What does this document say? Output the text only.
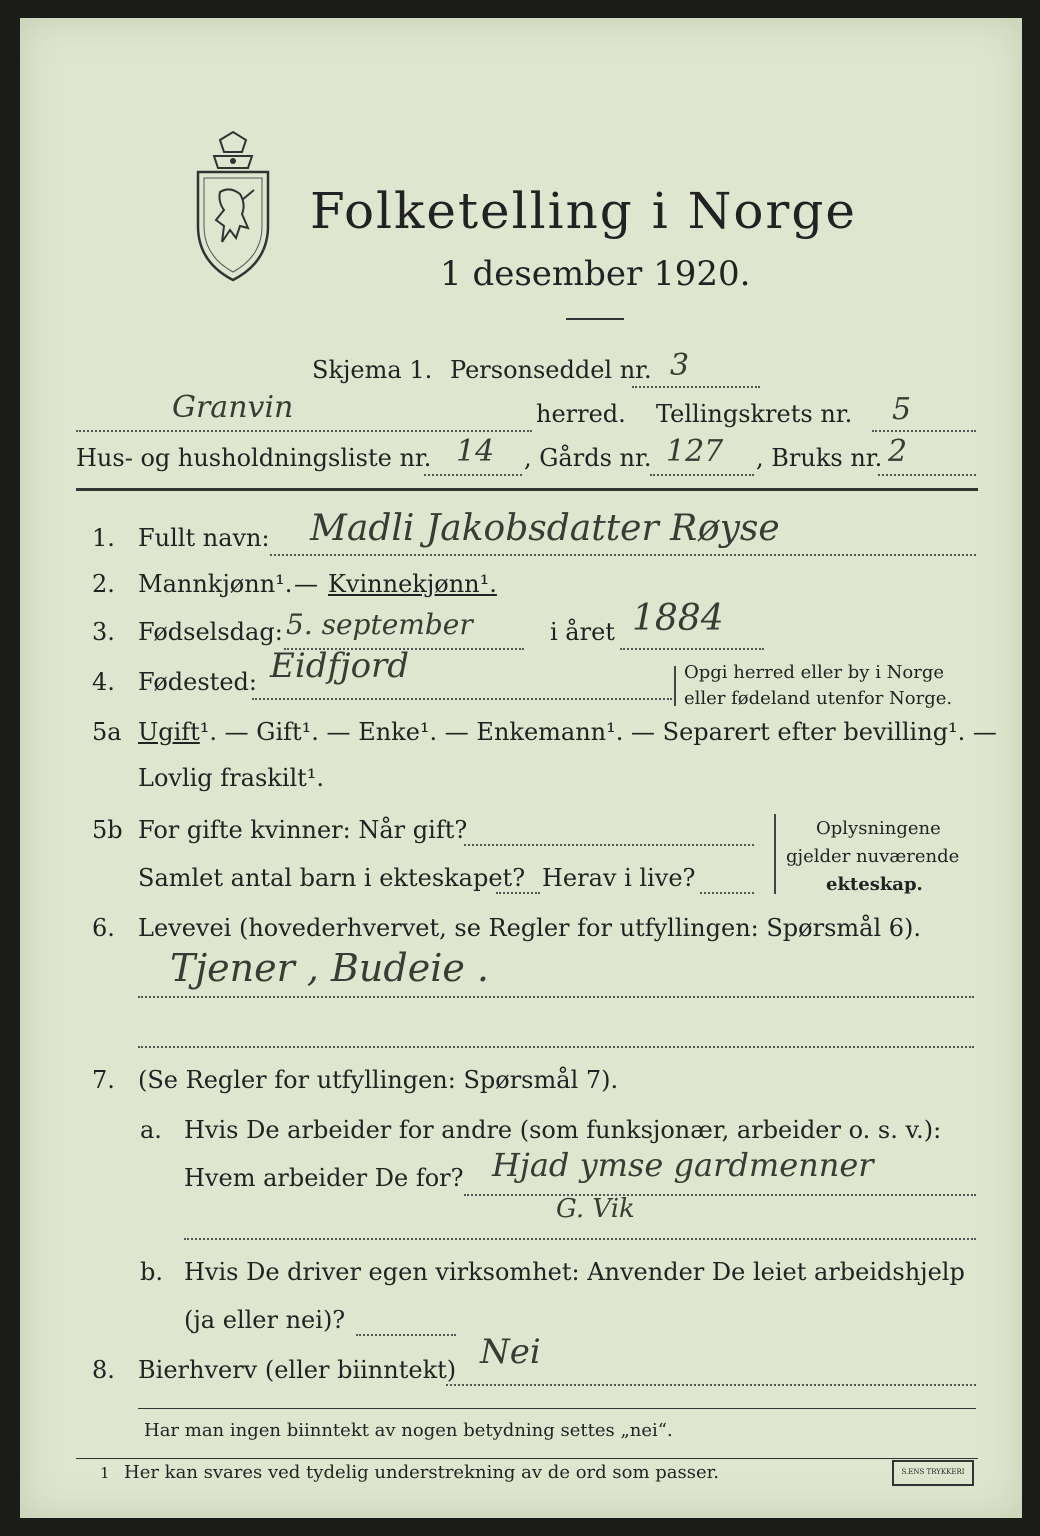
Folketelling i Norge
1 desember 1920.
Skjema 1. Personseddel nr. 3
Granvin	herred. Tellingskrets nr. 5
Hus- og husholdningsliste nr. 14 , Gårds nr. 127 , Bruks nr. 2
1. Fullt navn: Madli Jakobsdatter Røyse
2. Mannkjønn¹. — Kvinnekjønn¹.
3. Fødselsdag: 5. september	i året 1884
4. Fødested: Eidfjord	Opgi herred eller by i Norge
eller fødeland utenfor Norge.
5a Ugift¹. — Gift¹. — Enke¹. — Enkemann¹. — Separert efter bevilling¹. —
Lovlig fraskilt¹.
5b For gifte kvinner: Når gift?
Samlet antal barn i ekteskapet? Herav i live?
Oplysningene
gjelder nuværende
ekteskap.
6. Levevei (hovederhvervet, se Regler for utfyllingen: Spørsmål 6).
Tjener , Budeie .
7. (Se Regler for utfyllingen: Spørsmål 7).
a. Hvis De arbeider for andre (som funksjonær, arbeider o. s. v.):
Hvem arbeider De for? Hjad ymse gardmenner
G. Vik
b. Hvis De driver egen virksomhet: Anvender De leiet arbeidshjelp
(ja eller nei)?
8. Bierhverv (eller biinntekt) Nei
Har man ingen biinntekt av nogen betydning settes „nei“.
1 Her kan svares ved tydelig understrekning av de ord som passer.	S.ENS TRYKKERI
